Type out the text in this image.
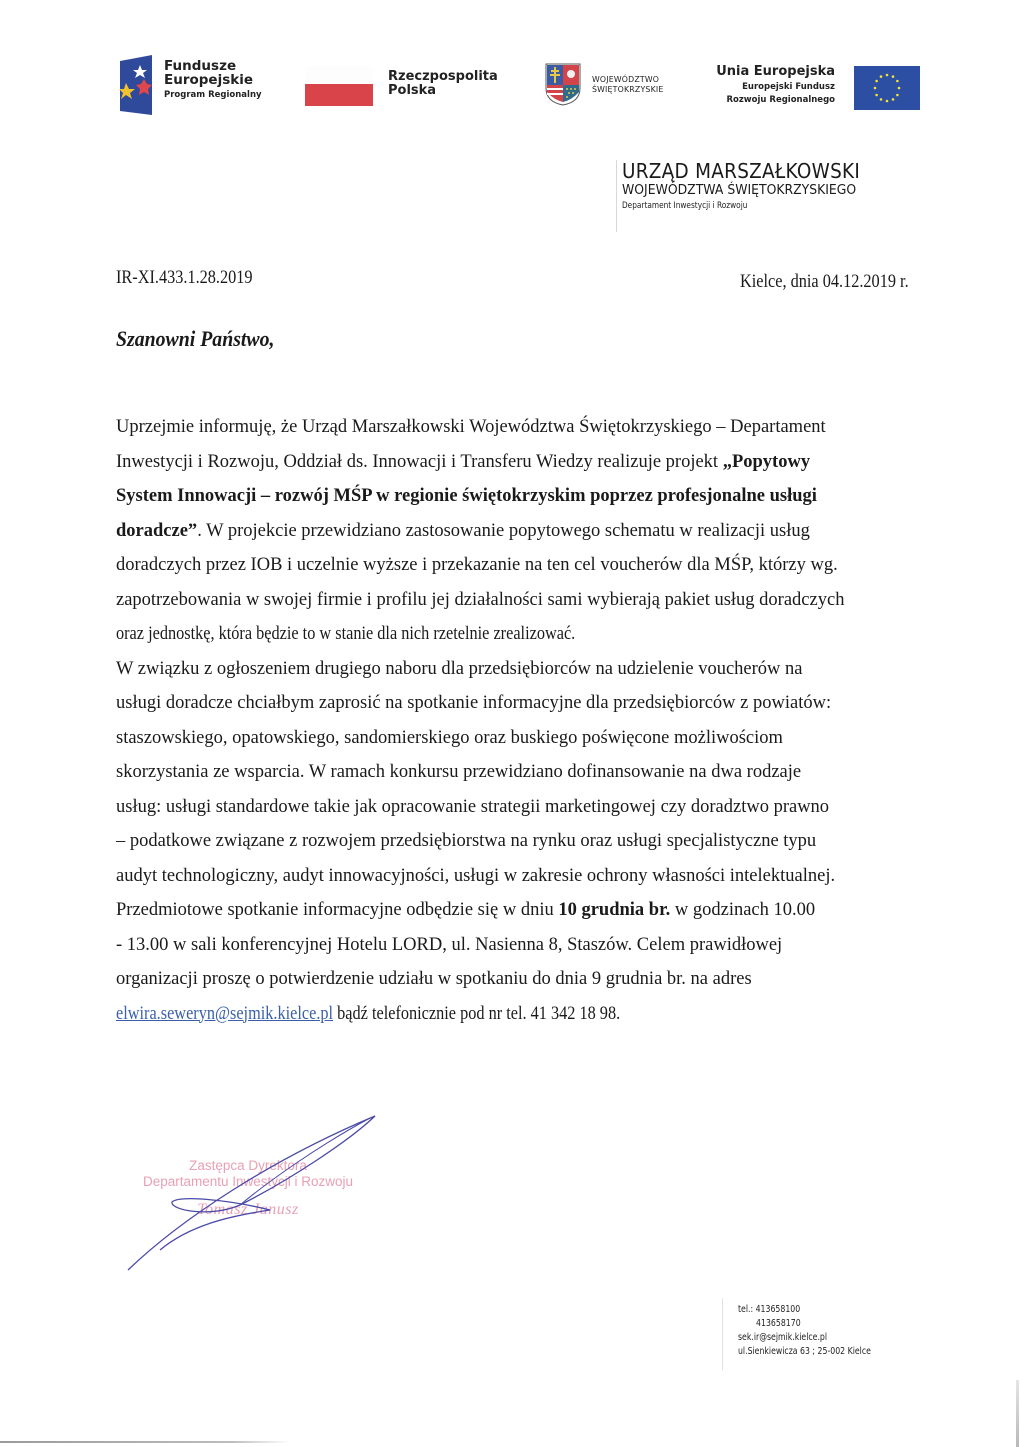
Fundusze
Europejskie
Program Regionalny
Rzeczpospolita
Polska
WOJEWÓDZTWO
ŚWIĘTOKRZYSKIE
Unia Europejska
Europejski Fundusz
Rozwoju Regionalnego
URZĄD MARSZAŁKOWSKI
WOJEWÓDZTWA ŚWIĘTOKRZYSKIEGO
Departament Inwestycji i Rozwoju
IR-XI.433.1.28.2019	Kielce, dnia 04.12.2019 r.
Szanowni Państwo,
Uprzejmie informuję, że Urząd Marszałkowski Województwa Świętokrzyskiego – Departament
Inwestycji i Rozwoju, Oddział ds. Innowacji i Transferu Wiedzy realizuje projekt „Popytowy
System Innowacji – rozwój MŚP w regionie świętokrzyskim poprzez profesjonalne usługi
doradcze”. W projekcie przewidziano zastosowanie popytowego schematu w realizacji usług
doradczych przez IOB i uczelnie wyższe i przekazanie na ten cel voucherów dla MŚP, którzy wg.
zapotrzebowania w swojej firmie i profilu jej działalności sami wybierają pakiet usług doradczych
oraz jednostkę, która będzie to w stanie dla nich rzetelnie zrealizować.
W związku z ogłoszeniem drugiego naboru dla przedsiębiorców na udzielenie voucherów na
usługi doradcze chciałbym zaprosić na spotkanie informacyjne dla przedsiębiorców z powiatów:
staszowskiego, opatowskiego, sandomierskiego oraz buskiego poświęcone możliwościom
skorzystania ze wsparcia. W ramach konkursu przewidziano dofinansowanie na dwa rodzaje
usług: usługi standardowe takie jak opracowanie strategii marketingowej czy doradztwo prawno
– podatkowe związane z rozwojem przedsiębiorstwa na rynku oraz usługi specjalistyczne typu
audyt technologiczny, audyt innowacyjności, usługi w zakresie ochrony własności intelektualnej.
Przedmiotowe spotkanie informacyjne odbędzie się w dniu 10 grudnia br. w godzinach 10.00
- 13.00 w sali konferencyjnej Hotelu LORD, ul. Nasienna 8, Staszów. Celem prawidłowej
organizacji proszę o potwierdzenie udziału w spotkaniu do dnia 9 grudnia br. na adres
elwira.seweryn@sejmik.kielce.pl bądź telefonicznie pod nr tel. 41 342 18 98.
Zastępca Dyrektora
Departamentu Inwestycji i Rozwoju
Tomasz Janusz
tel.: 413658100
413658170
sek.ir@sejmik.kielce.pl
ul.Sienkiewicza 63 ; 25-002 Kielce
